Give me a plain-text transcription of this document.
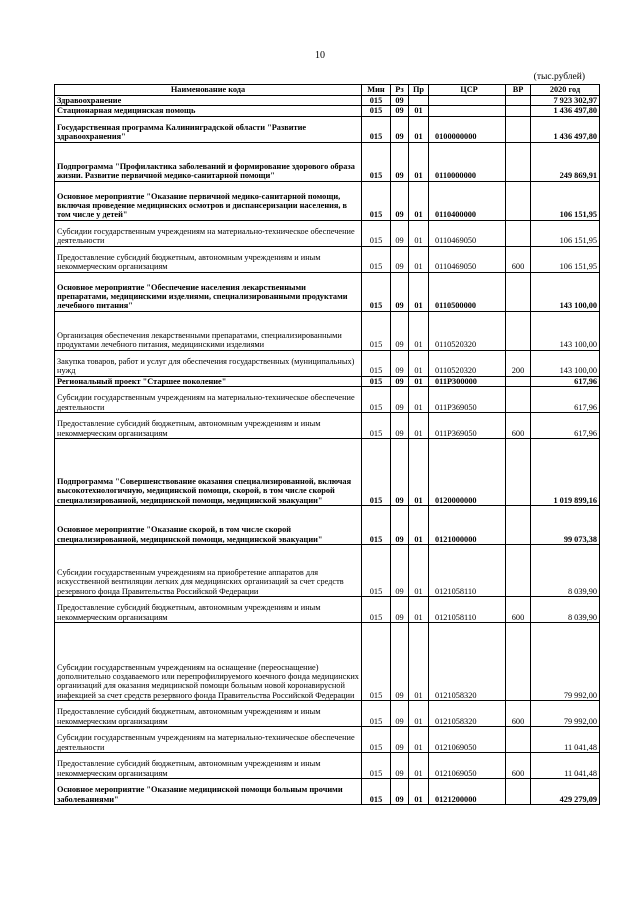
10
(тыс.рублей)
Наименование кода	Мин	Рз	Пр	ЦСР	ВР	2020 год
Здравоохранение	015	09				7 923 302,97
Стационарная медицинская помощь	015	09	01			1 436 497,80
Государственная программа Калининградской области "Развитие здравоохранения"	015	09	01	0100000000		1 436 497,80
Подпрограмма "Профилактика заболеваний и формирование здорового образа жизни. Развитие первичной медико-санитарной помощи"	015	09	01	0110000000		249 869,91
Основное мероприятие "Оказание первичной медико-санитарной помощи, включая проведение медицинских осмотров и диспансеризации населения, в том числе у детей"	015	09	01	0110400000		106 151,95
Субсидии государственным учреждениям на материально-техническое обеспечение деятельности	015	09	01	0110469050		106 151,95
Предоставление субсидий бюджетным, автономным учреждениям и иным некоммерческим организациям	015	09	01	0110469050	600	106 151,95
Основное мероприятие "Обеспечение населения лекарственными препаратами, медицинскими изделиями, специализированными продуктами лечебного питания"	015	09	01	0110500000		143 100,00
Организация обеспечения лекарственными препаратами, специализированными продуктами лечебного питания, медицинскими изделиями	015	09	01	0110520320		143 100,00
Закупка товаров, работ и услуг для обеспечения государственных (муниципальных) нужд	015	09	01	0110520320	200	143 100,00
Региональный проект "Старшее поколение"	015	09	01	011P300000		617,96
Субсидии государственным учреждениям на материально-техническое обеспечение деятельности	015	09	01	011P369050		617,96
Предоставление субсидий бюджетным, автономным учреждениям и иным некоммерческим организациям	015	09	01	011P369050	600	617,96
Подпрограмма "Совершенствование оказания специализированной, включая высокотехнологичную, медицинской помощи, скорой, в том числе скорой специализированной, медицинской помощи, медицинской эвакуации"	015	09	01	0120000000		1 019 899,16
Основное мероприятие "Оказание скорой, в том числе скорой специализированной, медицинской помощи, медицинской эвакуации"	015	09	01	0121000000		99 073,38
Субсидии государственным учреждениям на приобретение аппаратов для искусственной вентиляции легких для медицинских организаций за счет средств резервного фонда Правительства Российской Федерации	015	09	01	0121058110		8 039,90
Предоставление субсидий бюджетным, автономным учреждениям и иным некоммерческим организациям	015	09	01	0121058110	600	8 039,90
Субсидии государственным учреждениям на оснащение (переоснащение) дополнительно создаваемого или перепрофилируемого коечного фонда медицинских организаций для оказания медицинской помощи больным новой коронавирусной инфекцией за счет средств резервного фонда Правительства Российской Федерации	015	09	01	0121058320		79 992,00
Предоставление субсидий бюджетным, автономным учреждениям и иным некоммерческим организациям	015	09	01	0121058320	600	79 992,00
Субсидии государственным учреждениям на материально-техническое обеспечение деятельности	015	09	01	0121069050		11 041,48
Предоставление субсидий бюджетным, автономным учреждениям и иным некоммерческим организациям	015	09	01	0121069050	600	11 041,48
Основное мероприятие "Оказание медицинской помощи больным прочими заболеваниями"	015	09	01	0121200000		429 279,09
